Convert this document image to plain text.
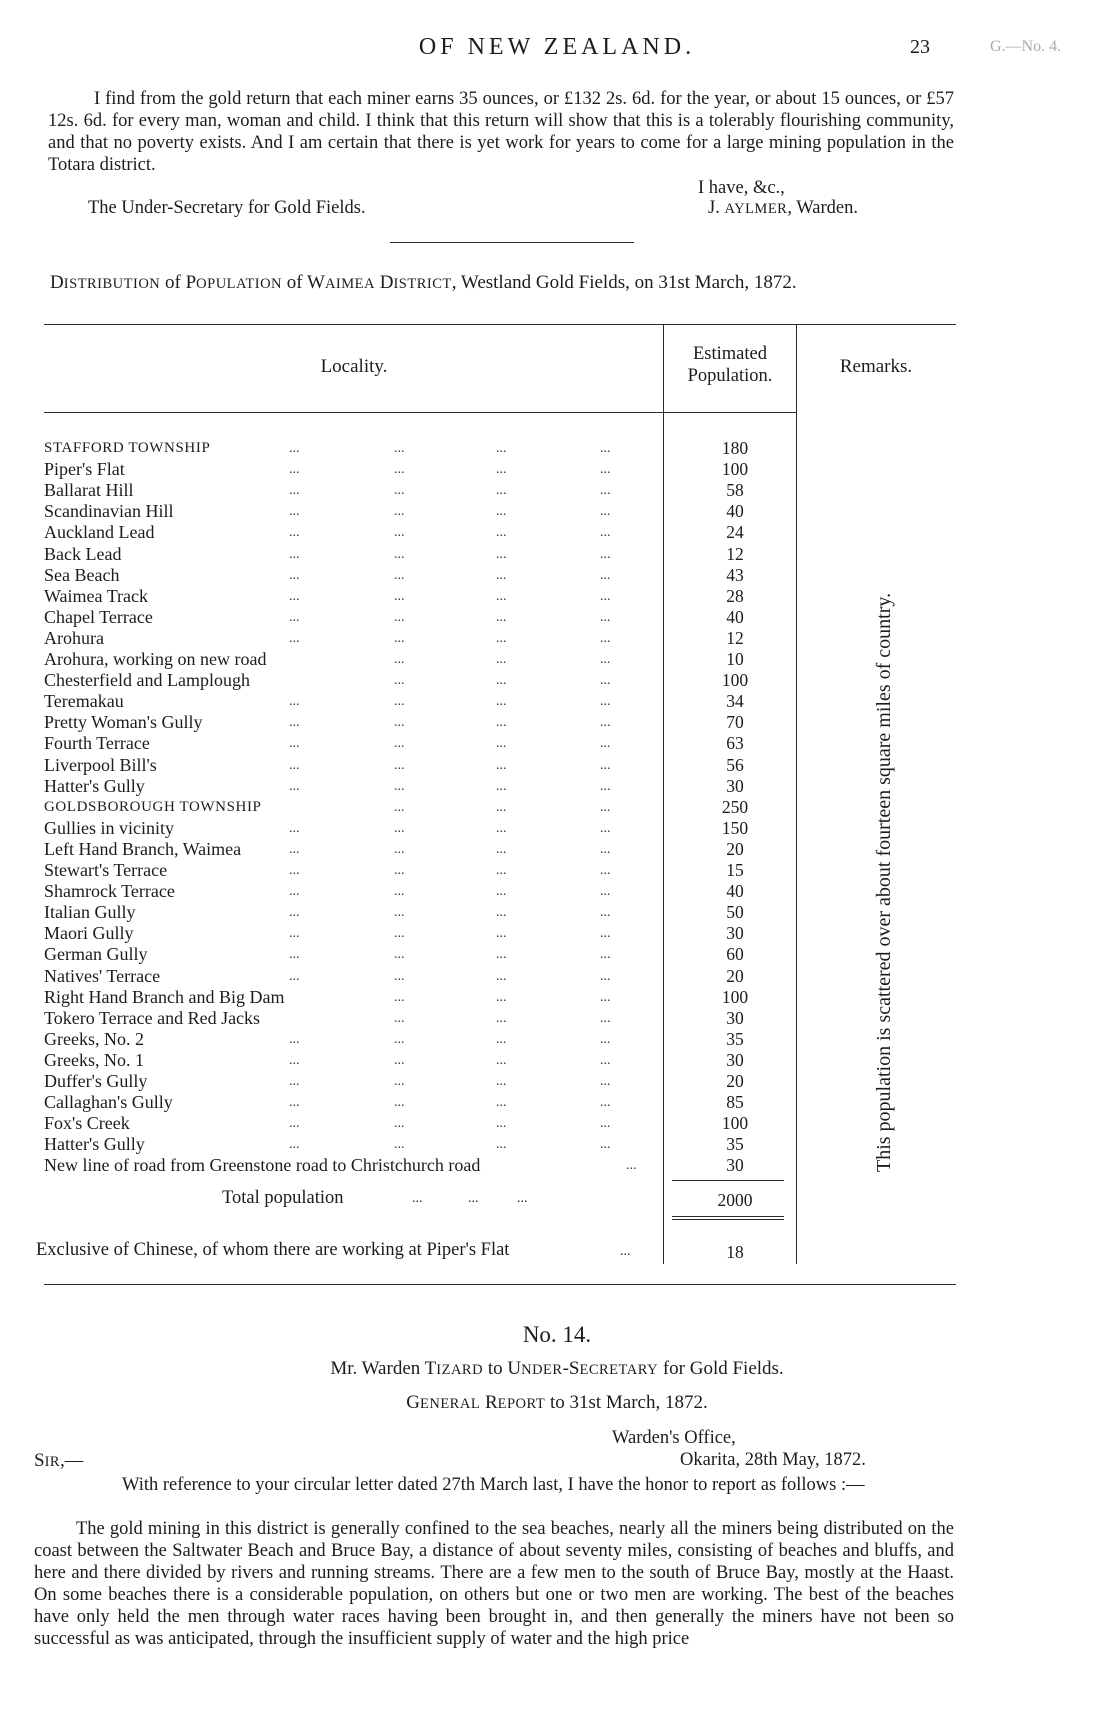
OF NEW ZEALAND.	23	G.—No. 4.
I find from the gold return that each miner earns 35 ounces, or £132 2s. 6d. for the year, or about 15 ounces, or £57 12s. 6d. for every man, woman and child. I think that this return will show that this is a tolerably flourishing community, and that no poverty exists. And I am certain that there is yet work for years to come for a large mining population in the Totara district.
I have, &c.,
The Under-Secretary for Gold Fields.	J. AYLMER, Warden.
DISTRIBUTION of POPULATION of WAIMEA DISTRICT, Westland Gold Fields, on 31st March, 1872.
Locality.
Estimated
Population.	Remarks.
STAFFORD TOWNSHIP	...	...	...	...	180
Piper's Flat	...	...	...	...	100
Ballarat Hill	...	...	...	...	58
Scandinavian Hill	...	...	...	...	40
Auckland Lead	...	...	...	...	24
Back Lead	...	...	...	...	12
Sea Beach	...	...	...	...	43
Waimea Track	...	...	...	...	28
Chapel Terrace	...	...	...	...	40
Arohura	...	...	...	...	12
Arohura, working on new road	...	...	...	10
Chesterfield and Lamplough	...	...	...	100
Teremakau	...	...	...	...	34
Pretty Woman's Gully	...	...	...	...	70
Fourth Terrace	...	...	...	...	63
Liverpool Bill's	...	...	...	...	56
Hatter's Gully	...	...	...	...	30
GOLDSBOROUGH TOWNSHIP	...	...	...	250
Gullies in vicinity	...	...	...	...	150
Left Hand Branch, Waimea	...	...	...	...	20
Stewart's Terrace	...	...	...	...	15
Shamrock Terrace	...	...	...	...	40
Italian Gully	...	...	...	...	50
Maori Gully	...	...	...	...	30
German Gully	...	...	...	...	60
Natives' Terrace	...	...	...	...	20
Right Hand Branch and Big Dam	...	...	...	100
Tokero Terrace and Red Jacks	...	...	...	30
Greeks, No. 2	...	...	...	...	35
Greeks, No. 1	...	...	...	...	30
Duffer's Gully	...	...	...	...	20
Callaghan's Gully	...	...	...	...	85
Fox's Creek	...	...	...	...	100
Hatter's Gully	...	...	...	...	35
New line of road from Greenstone road to Christchurch road	...	30
Total population	...             ...           ...	2000
Exclusive of Chinese, of whom there are working at Piper's Flat	...	18
This population is scattered over about fourteen square miles of country.
No. 14.
Mr. Warden TIZARD to UNDER-SECRETARY for Gold Fields.
GENERAL REPORT to 31st March, 1872.
Warden's Office,
Okarita, 28th May, 1872.
SIR,—
With reference to your circular letter dated 27th March last, I have the honor to report as follows :—
The gold mining in this district is generally confined to the sea beaches, nearly all the miners being distributed on the coast between the Saltwater Beach and Bruce Bay, a distance of about seventy miles, consisting of beaches and bluffs, and here and there divided by rivers and running streams. There are a few men to the south of Bruce Bay, mostly at the Haast. On some beaches there is a considerable population, on others but one or two men are working. The best of the beaches have only held the men through water races having been brought in, and then generally the miners have not been so successful as was anticipated, through the insufficient supply of water and the high price
